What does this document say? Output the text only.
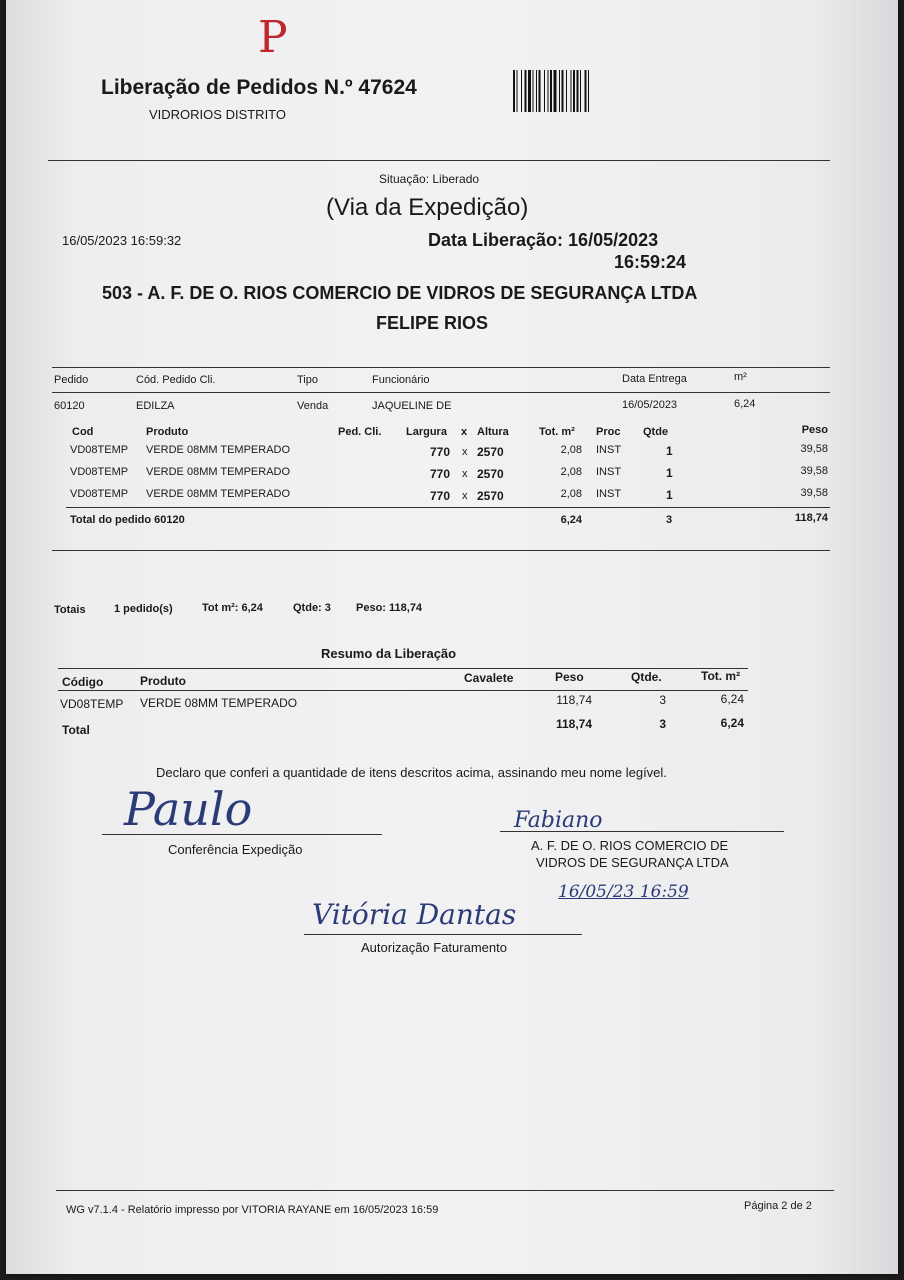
P
Liberação de Pedidos N.º 47624
VIDRORIOS DISTRITO
Situação: Liberado
(Via da Expedição)
16/05/2023 16:59:32	Data Liberação: 16/05/2023
16:59:24
503 - A. F. DE O. RIOS COMERCIO DE VIDROS DE SEGURANÇA LTDA
FELIPE RIOS
Pedido	Cód. Pedido Cli.	Tipo	Funcionário	Data Entrega	m²
60120	EDILZA	Venda	JAQUELINE DE	16/05/2023	6,24
Cod	Produto	Ped. Cli. Largura x Altura	Tot. m² Proc Qtde	Peso
VD08TEMP VERDE 08MM TEMPERADO	770 x 2570	2,08 INST	1	39,58
VD08TEMP VERDE 08MM TEMPERADO	770 x 2570	2,08 INST	1	39,58
VD08TEMP VERDE 08MM TEMPERADO	770 x 2570	2,08 INST	1	39,58
Total do pedido 60120	6,24	3	118,74
Totais	1 pedido(s)	Tot m²: 6,24	Qtde: 3 Peso: 118,74
Resumo da Liberação
Código	Produto	Cavalete	Peso	Qtde.	Tot. m²
VD08TEMP VERDE 08MM TEMPERADO	118,74	3	6,24
Total	118,74	3	6,24
Declaro que conferi a quantidade de itens descritos acima, assinando meu nome legível.
Paulo
Conferência Expedição
Fabiano
A. F. DE O. RIOS COMERCIO DE
VIDROS DE SEGURANÇA LTDA
16/05/23 16:59
Vitória Dantas
Autorização Faturamento
WG v7.1.4 - Relatório impresso por VITORIA RAYANE em 16/05/2023 16:59	Página 2 de 2
